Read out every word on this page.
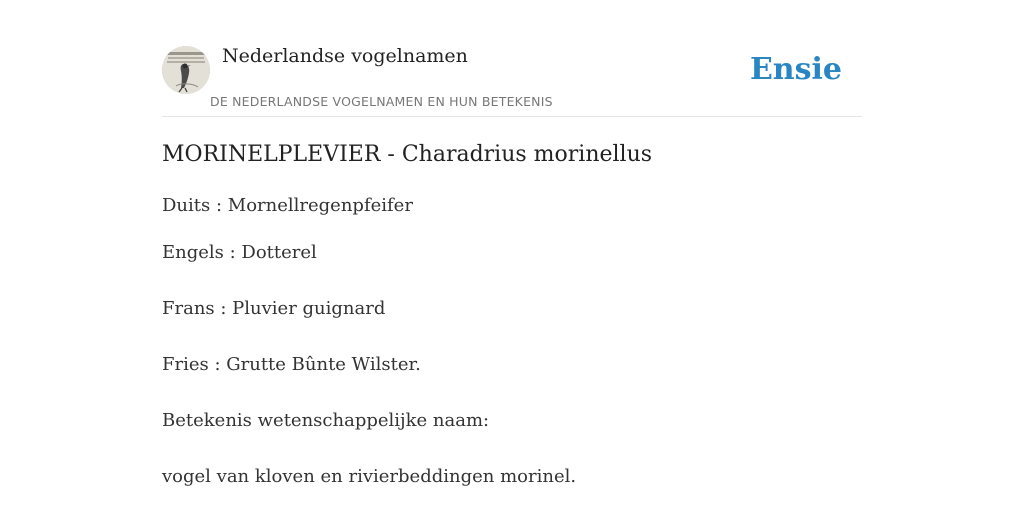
Nederlandse vogelnamen
DE NEDERLANDSE VOGELNAMEN EN HUN BETEKENIS
Ensie
MORINELPLEVIER - Charadrius morinellus
Duits : Mornellregenpfeifer
Engels : Dotterel
Frans : Pluvier guignard
Fries : Grutte Bûnte Wilster.
Betekenis wetenschappelijke naam:
vogel van kloven en rivierbeddingen morinel.
